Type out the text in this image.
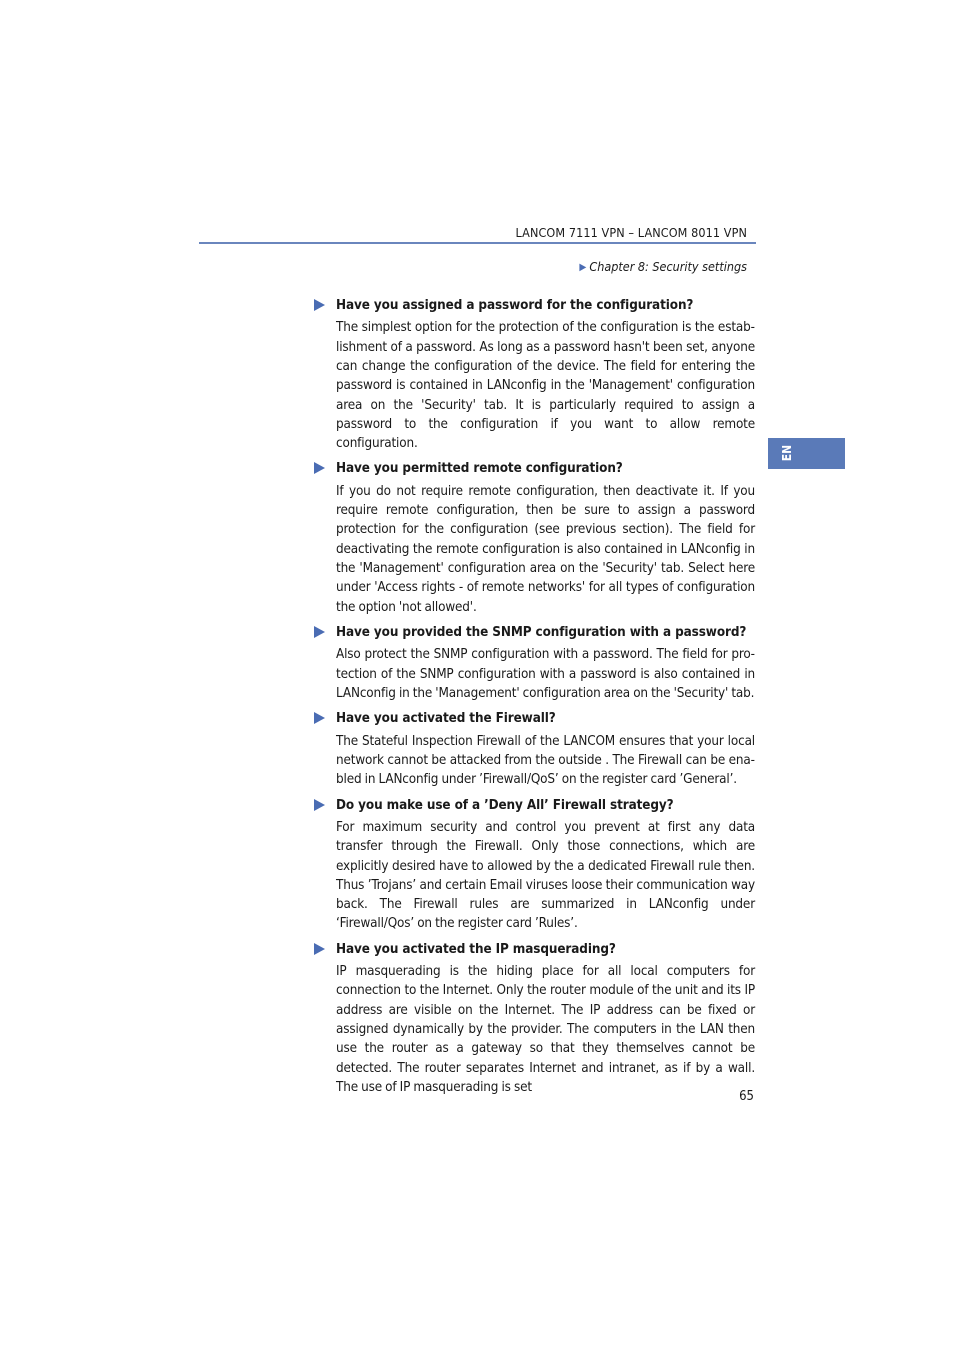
LANCOM 7111 VPN – LANCOM 8011 VPN
▶ Chapter 8: Security settings
EN
Have you assigned a password for the configuration?

The simplest option for the protection of the configuration is the establishment of a password. As long as a password hasn't been set, anyone can change the configuration of the device. The field for entering the password is contained in LANconfig in the 'Management' configuration area on the 'Security' tab. It is particularly required to assign a password to the configuration if you want to allow remote configuration.

Have you permitted remote configuration?

If you do not require remote configuration, then deactivate it. If you require remote configuration, then be sure to assign a password protection for the configuration (see previous section). The field for deactivating the remote configuration is also contained in LANconfig in the 'Management' configuration area on the 'Security' tab. Select here under 'Access rights - of remote networks' for all types of configuration the option 'not allowed'.

Have you provided the SNMP configuration with a password?

Also protect the SNMP configuration with a password. The field for protection of the SNMP configuration with a password is also contained in LANconfig in the 'Management' configuration area on the 'Security' tab.

Have you activated the Firewall?

The Stateful Inspection Firewall of the LANCOM ensures that your local network cannot be attacked from the outside . The Firewall can be enabled in LANconfig under ’Firewall/QoS’ on the register card ’General’.

Do you make use of a ’Deny All’ Firewall strategy?

For maximum security and control you prevent at first any data transfer through the Firewall. Only those connections, which are explicitly desired have to allowed by the a dedicated Firewall rule then. Thus ’Trojans’ and certain Email viruses loose their communication way back. The Firewall rules are summarized in LANconfig under ‘Firewall/Qos’ on the register card ’Rules’.

Have you activated the IP masquerading?

IP masquerading is the hiding place for all local computers for connection to the Internet. Only the router module of the unit and its IP address are visible on the Internet. The IP address can be fixed or assigned dynamically by the provider. The computers in the LAN then use the router as a gateway so that they themselves cannot be detected. The router separates Internet and intranet, as if by a wall. The use of IP masquerading is set

65
